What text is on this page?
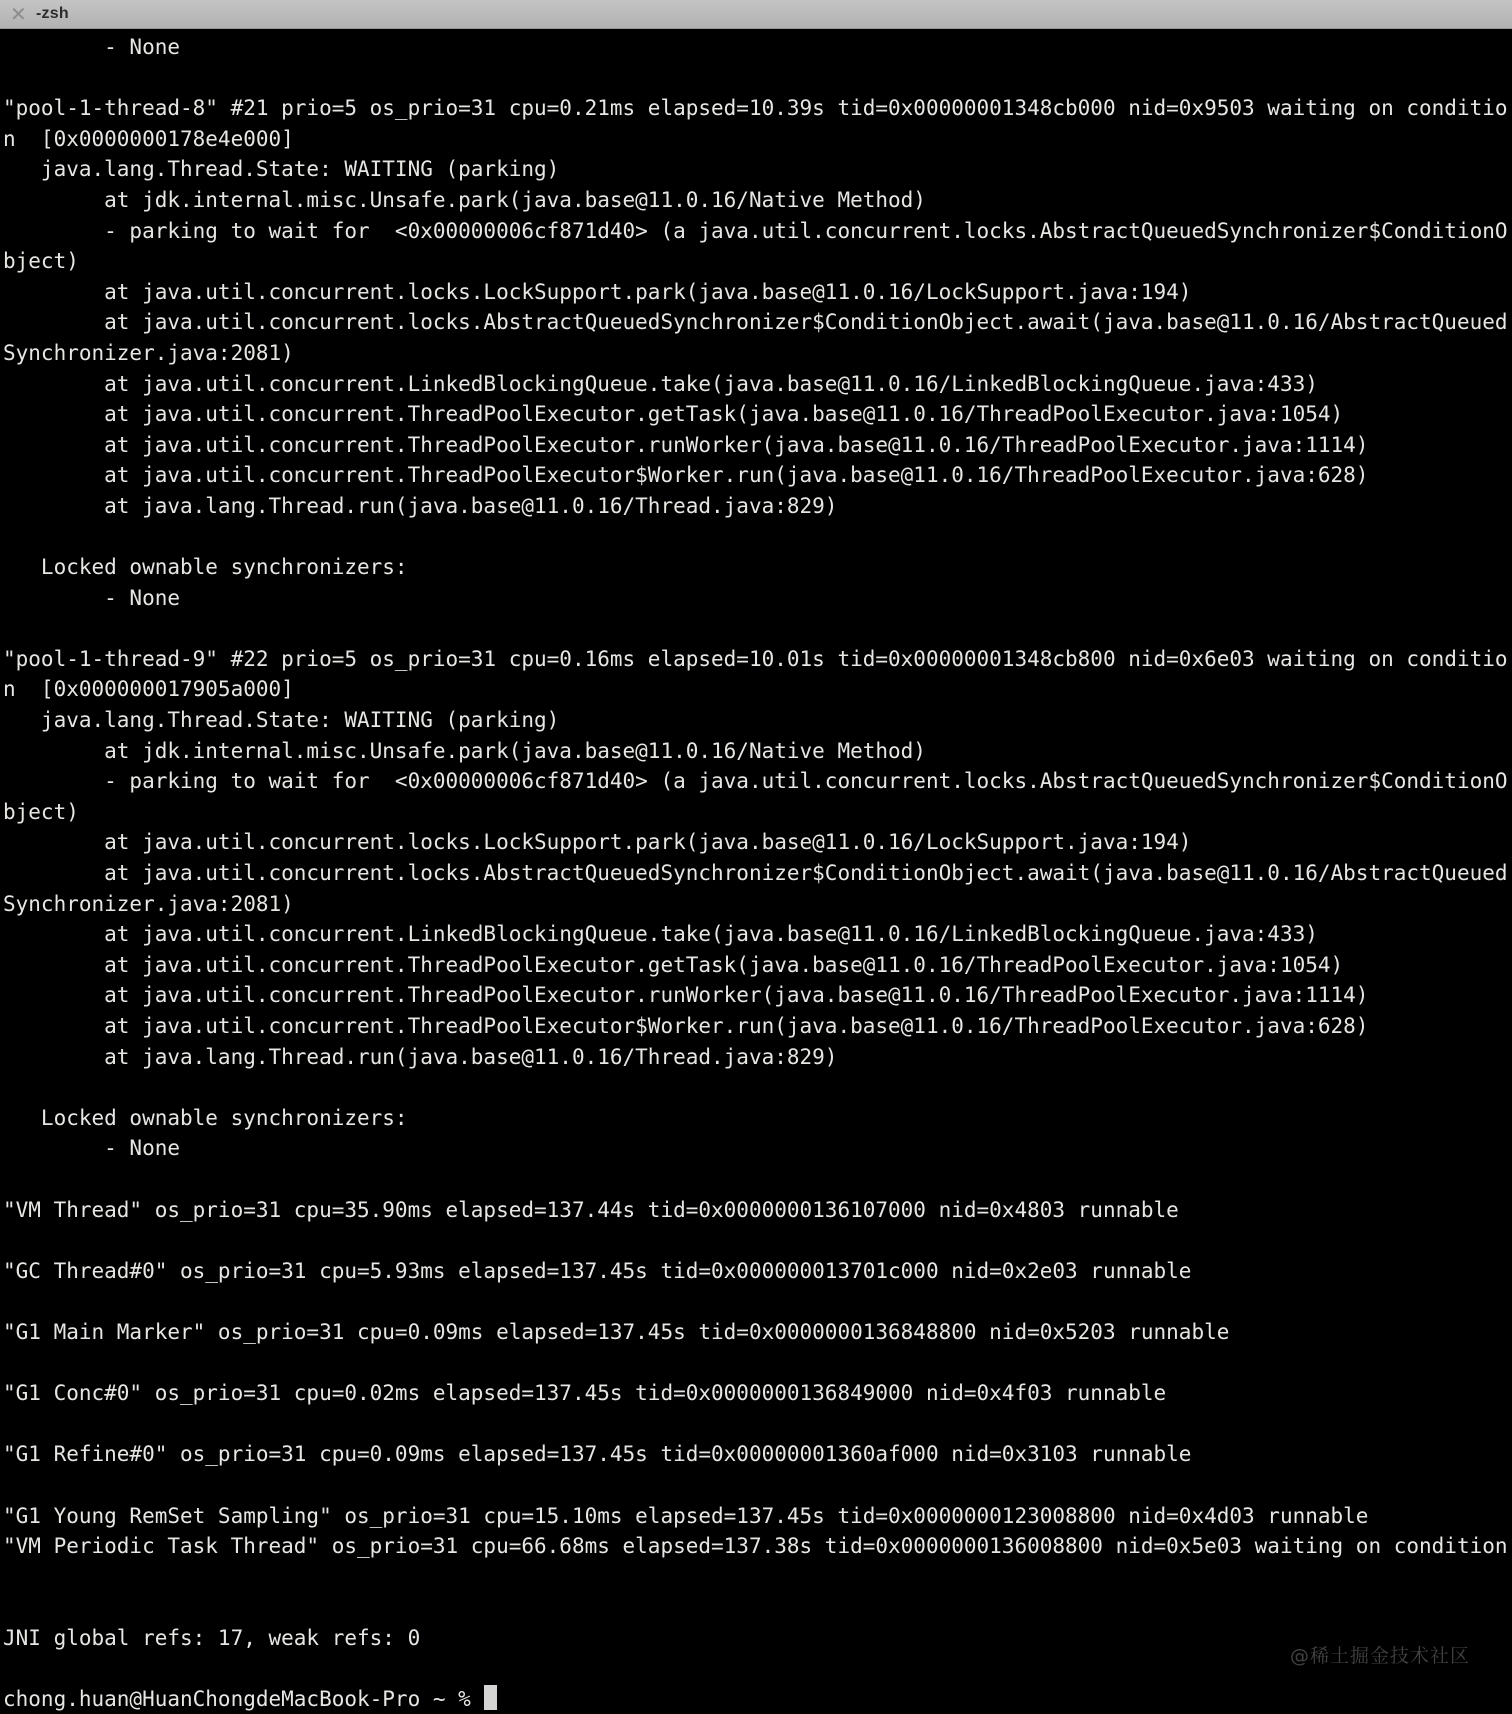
✕ -zsh
- None

"pool-1-thread-8" #21 prio=5 os_prio=31 cpu=0.21ms elapsed=10.39s tid=0x00000001348cb000 nid=0x9503 waiting on conditio
n  [0x0000000178e4e000]
java.lang.Thread.State: WAITING (parking)
at jdk.internal.misc.Unsafe.park(java.base@11.0.16/Native Method)
- parking to wait for  <0x00000006cf871d40> (a java.util.concurrent.locks.AbstractQueuedSynchronizer$ConditionO
bject)
at java.util.concurrent.locks.LockSupport.park(java.base@11.0.16/LockSupport.java:194)
at java.util.concurrent.locks.AbstractQueuedSynchronizer$ConditionObject.await(java.base@11.0.16/AbstractQueued
Synchronizer.java:2081)
at java.util.concurrent.LinkedBlockingQueue.take(java.base@11.0.16/LinkedBlockingQueue.java:433)
at java.util.concurrent.ThreadPoolExecutor.getTask(java.base@11.0.16/ThreadPoolExecutor.java:1054)
at java.util.concurrent.ThreadPoolExecutor.runWorker(java.base@11.0.16/ThreadPoolExecutor.java:1114)
at java.util.concurrent.ThreadPoolExecutor$Worker.run(java.base@11.0.16/ThreadPoolExecutor.java:628)
at java.lang.Thread.run(java.base@11.0.16/Thread.java:829)

Locked ownable synchronizers:
- None

"pool-1-thread-9" #22 prio=5 os_prio=31 cpu=0.16ms elapsed=10.01s tid=0x00000001348cb800 nid=0x6e03 waiting on conditio
n  [0x000000017905a000]
java.lang.Thread.State: WAITING (parking)
at jdk.internal.misc.Unsafe.park(java.base@11.0.16/Native Method)
- parking to wait for  <0x00000006cf871d40> (a java.util.concurrent.locks.AbstractQueuedSynchronizer$ConditionO
bject)
at java.util.concurrent.locks.LockSupport.park(java.base@11.0.16/LockSupport.java:194)
at java.util.concurrent.locks.AbstractQueuedSynchronizer$ConditionObject.await(java.base@11.0.16/AbstractQueued
Synchronizer.java:2081)
at java.util.concurrent.LinkedBlockingQueue.take(java.base@11.0.16/LinkedBlockingQueue.java:433)
at java.util.concurrent.ThreadPoolExecutor.getTask(java.base@11.0.16/ThreadPoolExecutor.java:1054)
at java.util.concurrent.ThreadPoolExecutor.runWorker(java.base@11.0.16/ThreadPoolExecutor.java:1114)
at java.util.concurrent.ThreadPoolExecutor$Worker.run(java.base@11.0.16/ThreadPoolExecutor.java:628)
at java.lang.Thread.run(java.base@11.0.16/Thread.java:829)

Locked ownable synchronizers:
- None

"VM Thread" os_prio=31 cpu=35.90ms elapsed=137.44s tid=0x0000000136107000 nid=0x4803 runnable

"GC Thread#0" os_prio=31 cpu=5.93ms elapsed=137.45s tid=0x000000013701c000 nid=0x2e03 runnable

"G1 Main Marker" os_prio=31 cpu=0.09ms elapsed=137.45s tid=0x0000000136848800 nid=0x5203 runnable

"G1 Conc#0" os_prio=31 cpu=0.02ms elapsed=137.45s tid=0x0000000136849000 nid=0x4f03 runnable

"G1 Refine#0" os_prio=31 cpu=0.09ms elapsed=137.45s tid=0x00000001360af000 nid=0x3103 runnable

"G1 Young RemSet Sampling" os_prio=31 cpu=15.10ms elapsed=137.45s tid=0x0000000123008800 nid=0x4d03 runnable
"VM Periodic Task Thread" os_prio=31 cpu=66.68ms elapsed=137.38s tid=0x0000000136008800 nid=0x5e03 waiting on condition

JNI global refs: 17, weak refs: 0

chong.huan@HuanChongdeMacBook-Pro ~ %
@稀土掘金技术社区
